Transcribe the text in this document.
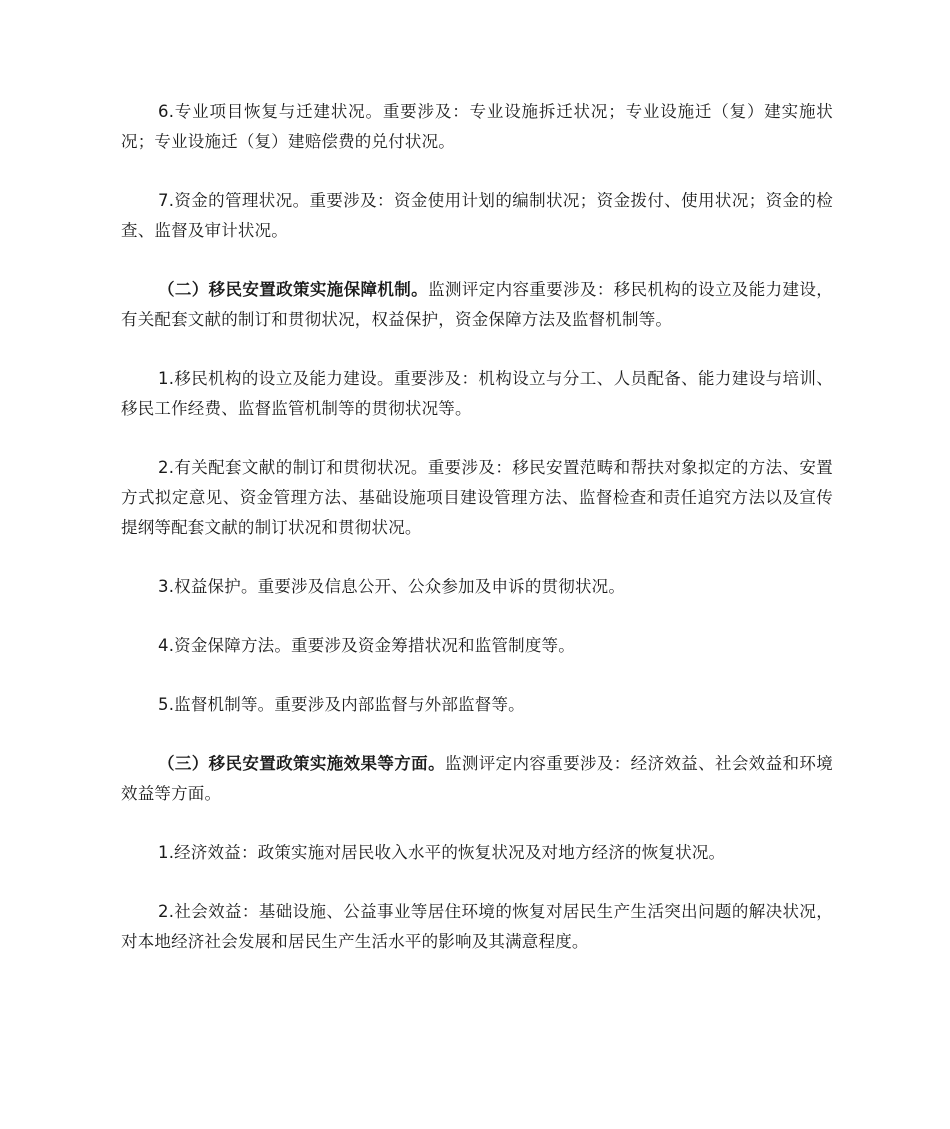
6.专业项目恢复与迁建状况。重要涉及：专业设施拆迁状况；专业设施迁（复）建实施状况；专业设施迁（复）建赔偿费的兑付状况。

7.资金的管理状况。重要涉及：资金使用计划的编制状况；资金拨付、使用状况；资金的检查、监督及审计状况。

（二）移民安置政策实施保障机制。监测评定内容重要涉及：移民机构的设立及能力建设，有关配套文献的制订和贯彻状况，权益保护，资金保障方法及监督机制等。

1.移民机构的设立及能力建设。重要涉及：机构设立与分工、人员配备、能力建设与培训、移民工作经费、监督监管机制等的贯彻状况等。

2.有关配套文献的制订和贯彻状况。重要涉及：移民安置范畴和帮扶对象拟定的方法、安置方式拟定意见、资金管理方法、基础设施项目建设管理方法、监督检查和责任追究方法以及宣传提纲等配套文献的制订状况和贯彻状况。

3.权益保护。重要涉及信息公开、公众参加及申诉的贯彻状况。

4.资金保障方法。重要涉及资金筹措状况和监管制度等。

5.监督机制等。重要涉及内部监督与外部监督等。

（三）移民安置政策实施效果等方面。监测评定内容重要涉及：经济效益、社会效益和环境效益等方面。

1.经济效益：政策实施对居民收入水平的恢复状况及对地方经济的恢复状况。

2.社会效益：基础设施、公益事业等居住环境的恢复对居民生产生活突出问题的解决状况，对本地经济社会发展和居民生产生活水平的影响及其满意程度。
